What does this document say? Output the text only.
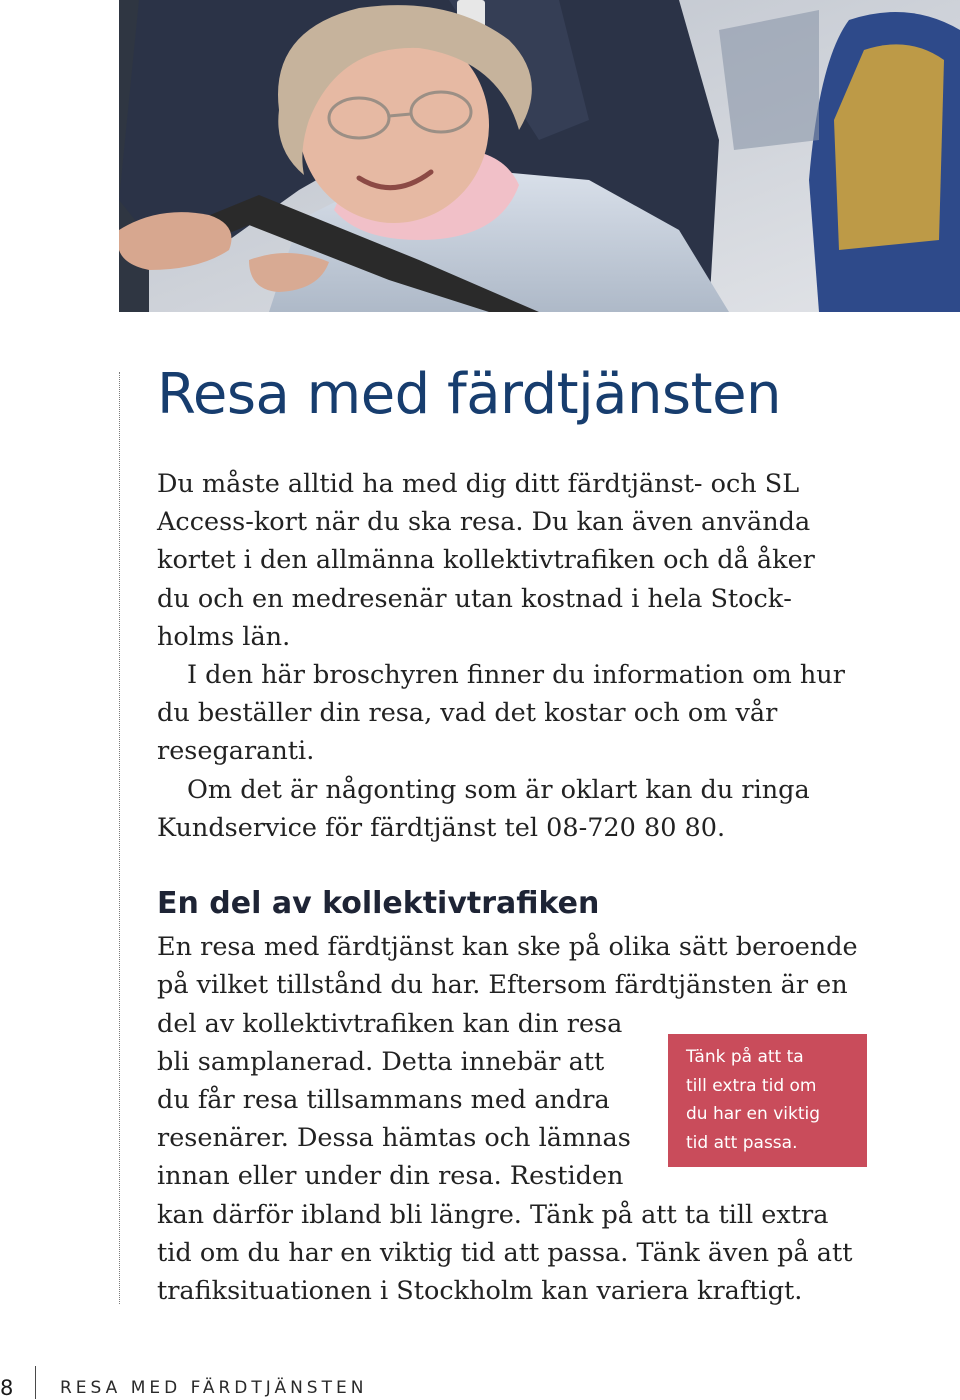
Resa med färdtjänsten

Du måste alltid ha med dig ditt färdtjänst- och SL Access-kort när du ska resa. Du kan även använda kortet i den allmänna kollektivtrafiken och då åker du och en medresenär utan kostnad i hela Stockholms län.

I den här broschyren finner du information om hur du beställer din resa, vad det kostar och om vår resegaranti.

Om det är någonting som är oklart kan du ringa Kundservice för färdtjänst tel 08-720 80 80.

En del av kollektivtrafiken

En resa med färdtjänst kan ske på olika sätt beroende på vilket tillstånd du har. Eftersom färdtjänsten är en

del av kollektivtrafiken kan din resa

bli samplanerad. Detta innebär att

du får resa tillsammans med andra

resenärer. Dessa hämtas och lämnas

innan eller under din resa. Restiden

kan därför ibland bli längre. Tänk på att ta till extra

tid om du har en viktig tid att passa. Tänk även på att

trafiksituationen i Stockholm kan variera kraftigt.

Tänk på att ta
till extra tid om
du har en viktig
tid att passa.

8	RESA MED FÄRDTJÄNSTEN
